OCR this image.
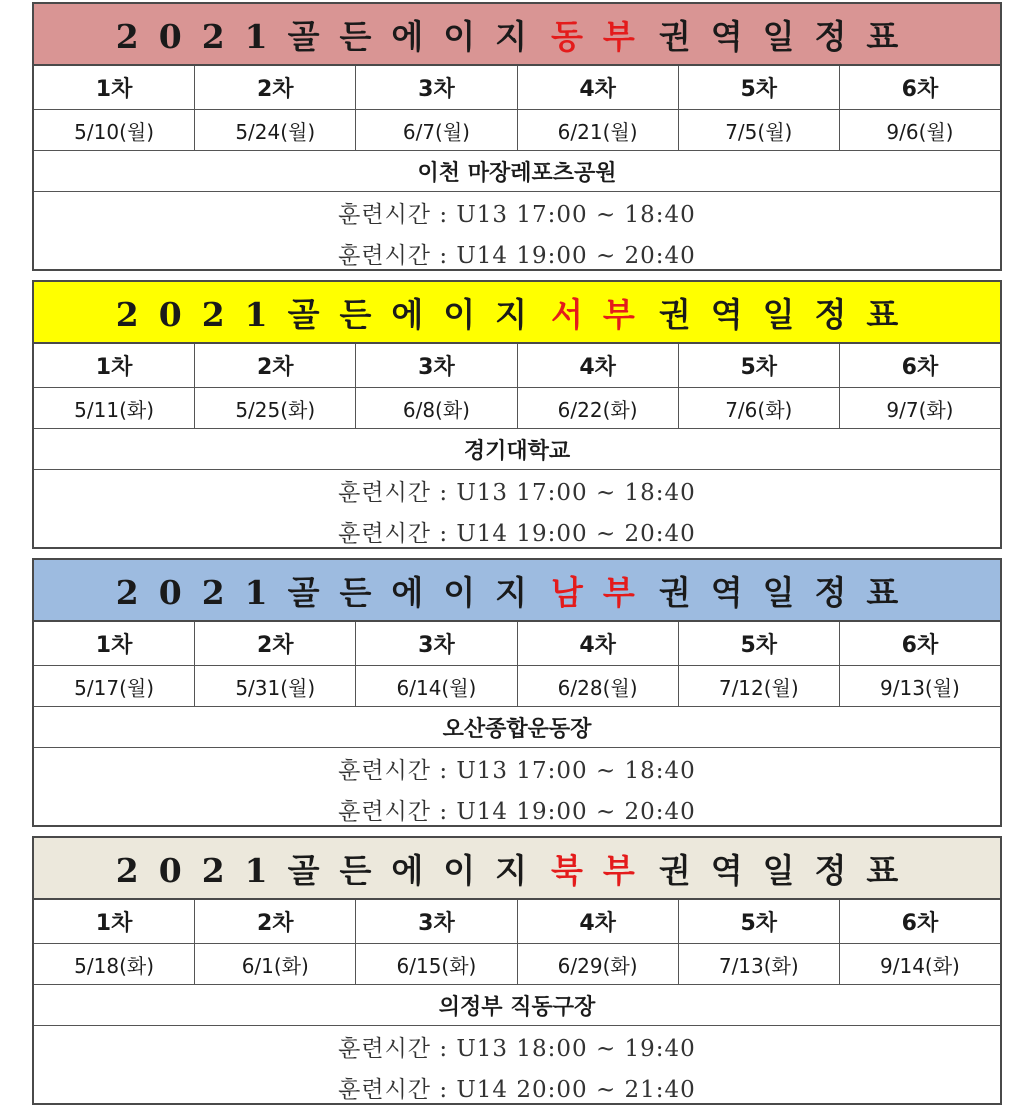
2021골든에이지 동부 권역일정표
1차	2차	3차	4차	5차	6차
5/10(월)	5/24(월)	6/7(월)	6/21(월)	7/5(월)	9/6(월)
이천 마장레포츠공원
훈련시간 : U13 17:00 ~ 18:40
훈련시간 : U14 19:00 ~ 20:40
2021골든에이지 서부 권역일정표
1차	2차	3차	4차	5차	6차
5/11(화)	5/25(화)	6/8(화)	6/22(화)	7/6(화)	9/7(화)
경기대학교
훈련시간 : U13 17:00 ~ 18:40
훈련시간 : U14 19:00 ~ 20:40
2021골든에이지 남부 권역일정표
1차	2차	3차	4차	5차	6차
5/17(월)	5/31(월)	6/14(월)	6/28(월)	7/12(월)	9/13(월)
오산종합운동장
훈련시간 : U13 17:00 ~ 18:40
훈련시간 : U14 19:00 ~ 20:40
2021골든에이지 북부 권역일정표
1차	2차	3차	4차	5차	6차
5/18(화)	6/1(화)	6/15(화)	6/29(화)	7/13(화)	9/14(화)
의정부 직동구장
훈련시간 : U13 18:00 ~ 19:40
훈련시간 : U14 20:00 ~ 21:40
